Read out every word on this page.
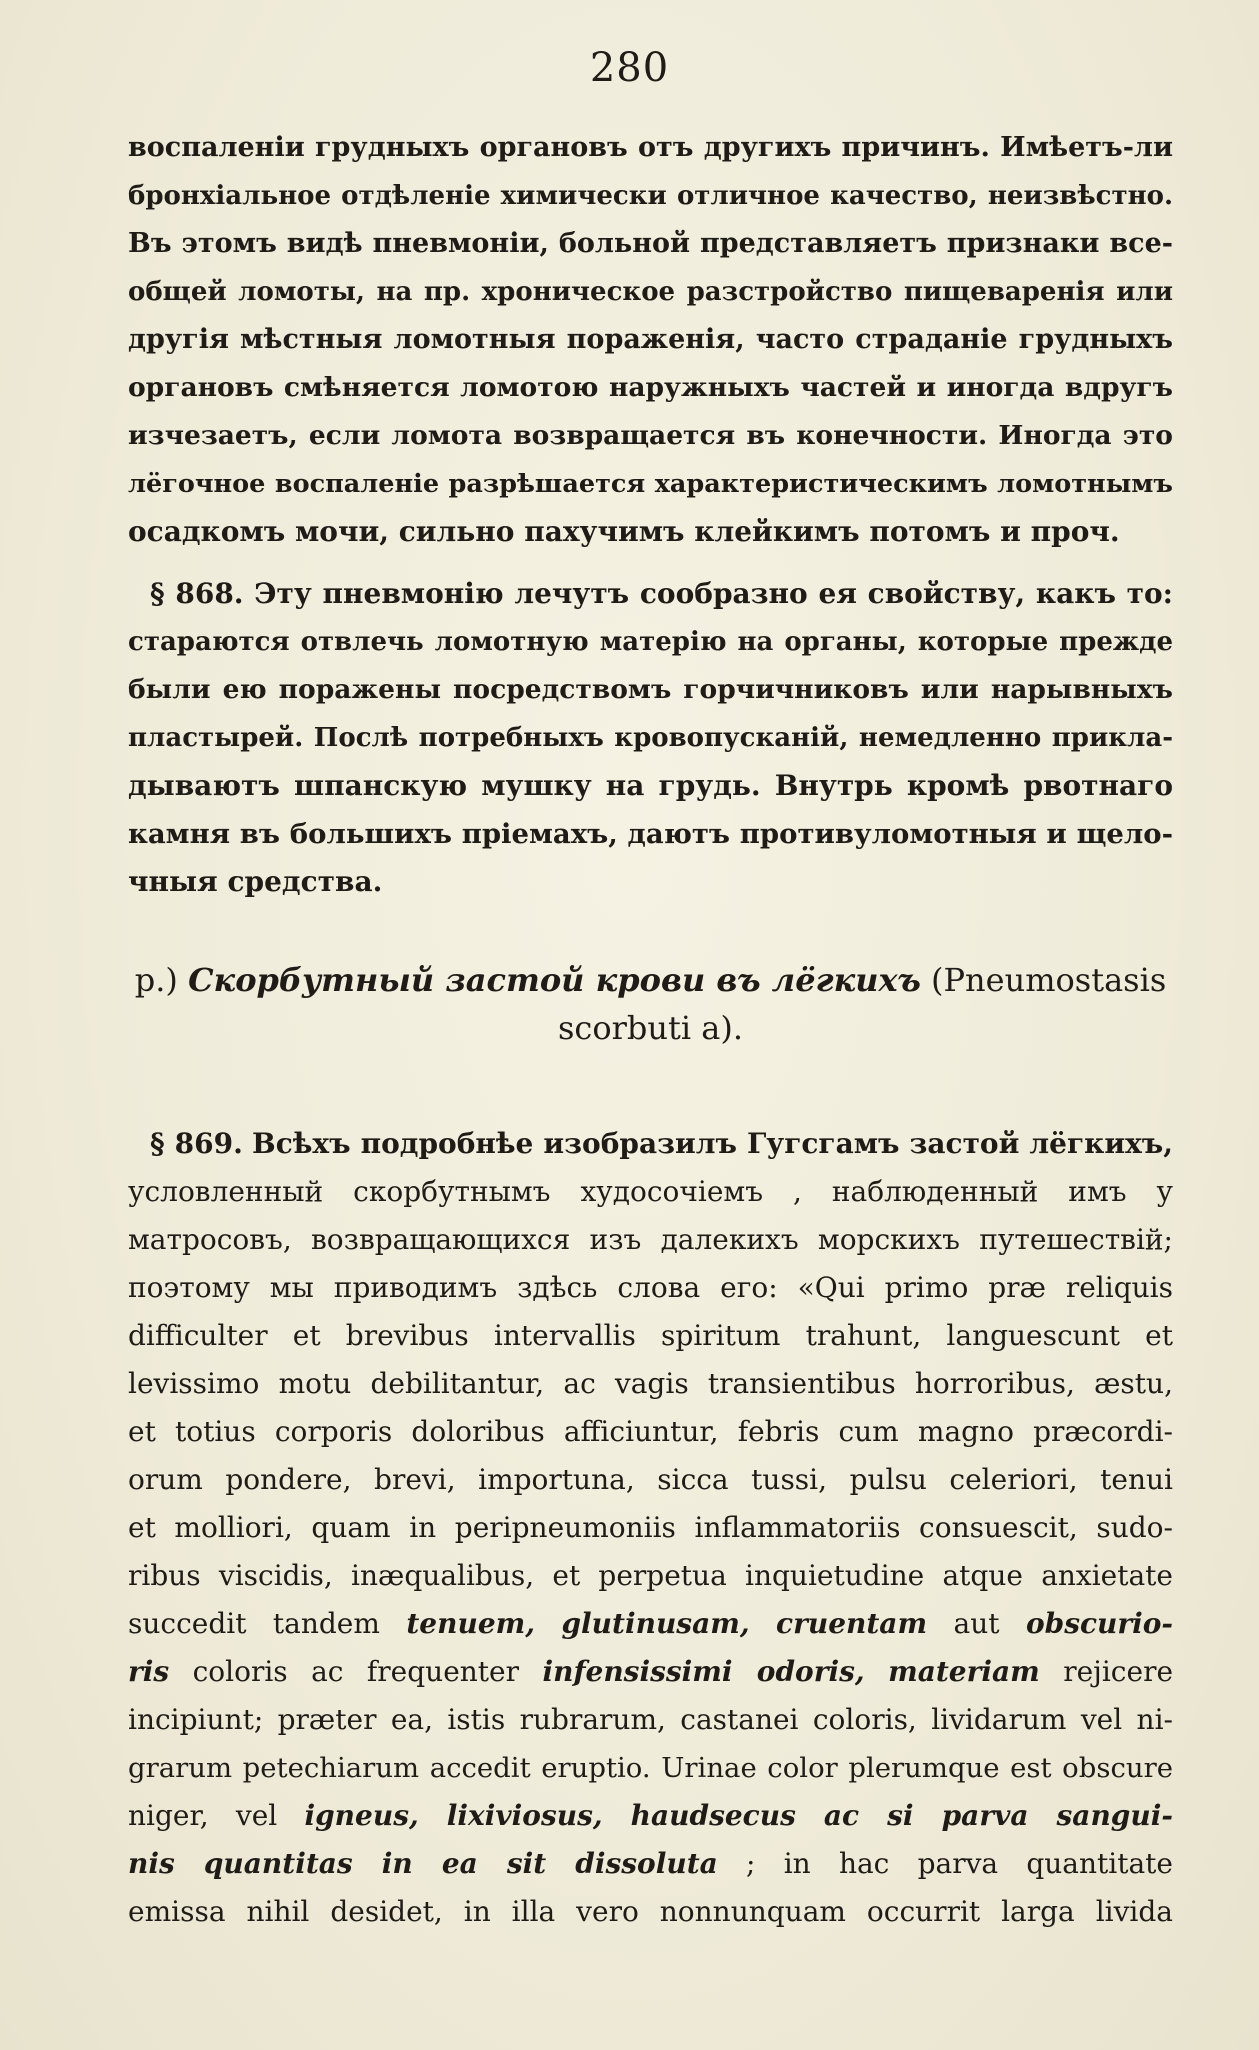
280
воспаленіи грудныхъ органовъ отъ другихъ причинъ. Имѣетъ-ли
бронхіальное отдѣленіе химически отличное качество, неизвѣстно.
Въ этомъ видѣ пневмоніи, больной представляетъ признаки все-
общей ломоты, на пр. хроническое разстройство пищеваренія или
другія мѣстныя ломотныя пораженія, часто страданіе грудныхъ
органовъ смѣняется ломотою наружныхъ частей и иногда вдругъ
изчезаетъ, если ломота возвращается въ конечности. Иногда это
лёгочное воспаленіе разрѣшается характеристическимъ ломотнымъ
осадкомъ мочи, сильно пахучимъ клейкимъ потомъ и проч.
§ 868. Эту пневмонію лечутъ сообразно ея свойству, какъ то:
стараются отвлечь ломотную матерію на органы, которые прежде
были ею поражены посредствомъ горчичниковъ или нарывныхъ
пластырей. Послѣ потребныхъ кровопусканій, немедленно прикла-
дываютъ шпанскую мушку на грудь. Внутрь кромѣ рвотнаго
камня въ большихъ пріемахъ, даютъ противуломотныя и щело-
чныя средства.
p.) Скорбутный застой крови въ лёгкихъ (Pneumostasis
scorbuti a).
§ 869. Всѣхъ подробнѣе изобразилъ Гугсгамъ застой лёгкихъ,
условленный скорбутнымъ худосочіемъ , наблюденный имъ у
матросовъ, возвращающихся изъ далекихъ морскихъ путешествій;
поэтому мы приводимъ здѣсь слова его: «Qui primo præ reliquis
difficulter et brevibus intervallis spiritum trahunt, languescunt et
levissimo motu debilitantur, ac vagis transientibus horroribus, æstu,
et totius corporis doloribus afficiuntur, febris cum magno præcordi-
orum pondere, brevi, importuna, sicca tussi, pulsu celeriori, tenui
et molliori, quam in peripneumoniis inflammatoriis consuescit, sudo-
ribus viscidis, inæqualibus, et perpetua inquietudine atque anxietate
succedit tandem tenuem, glutinusam, cruentam aut obscurio-
ris coloris ac frequenter infensissimi odoris, materiam rejicere
incipiunt; præter ea, istis rubrarum, castanei coloris, lividarum vel ni-
grarum petechiarum accedit eruptio. Urinae color plerumque est obscure
niger, vel igneus, lixiviosus, haudsecus ac si parva sangui-
nis quantitas in ea sit dissoluta ; in hac parva quantitate
emissa nihil desidet, in illa vero nonnunquam occurrit larga livida
